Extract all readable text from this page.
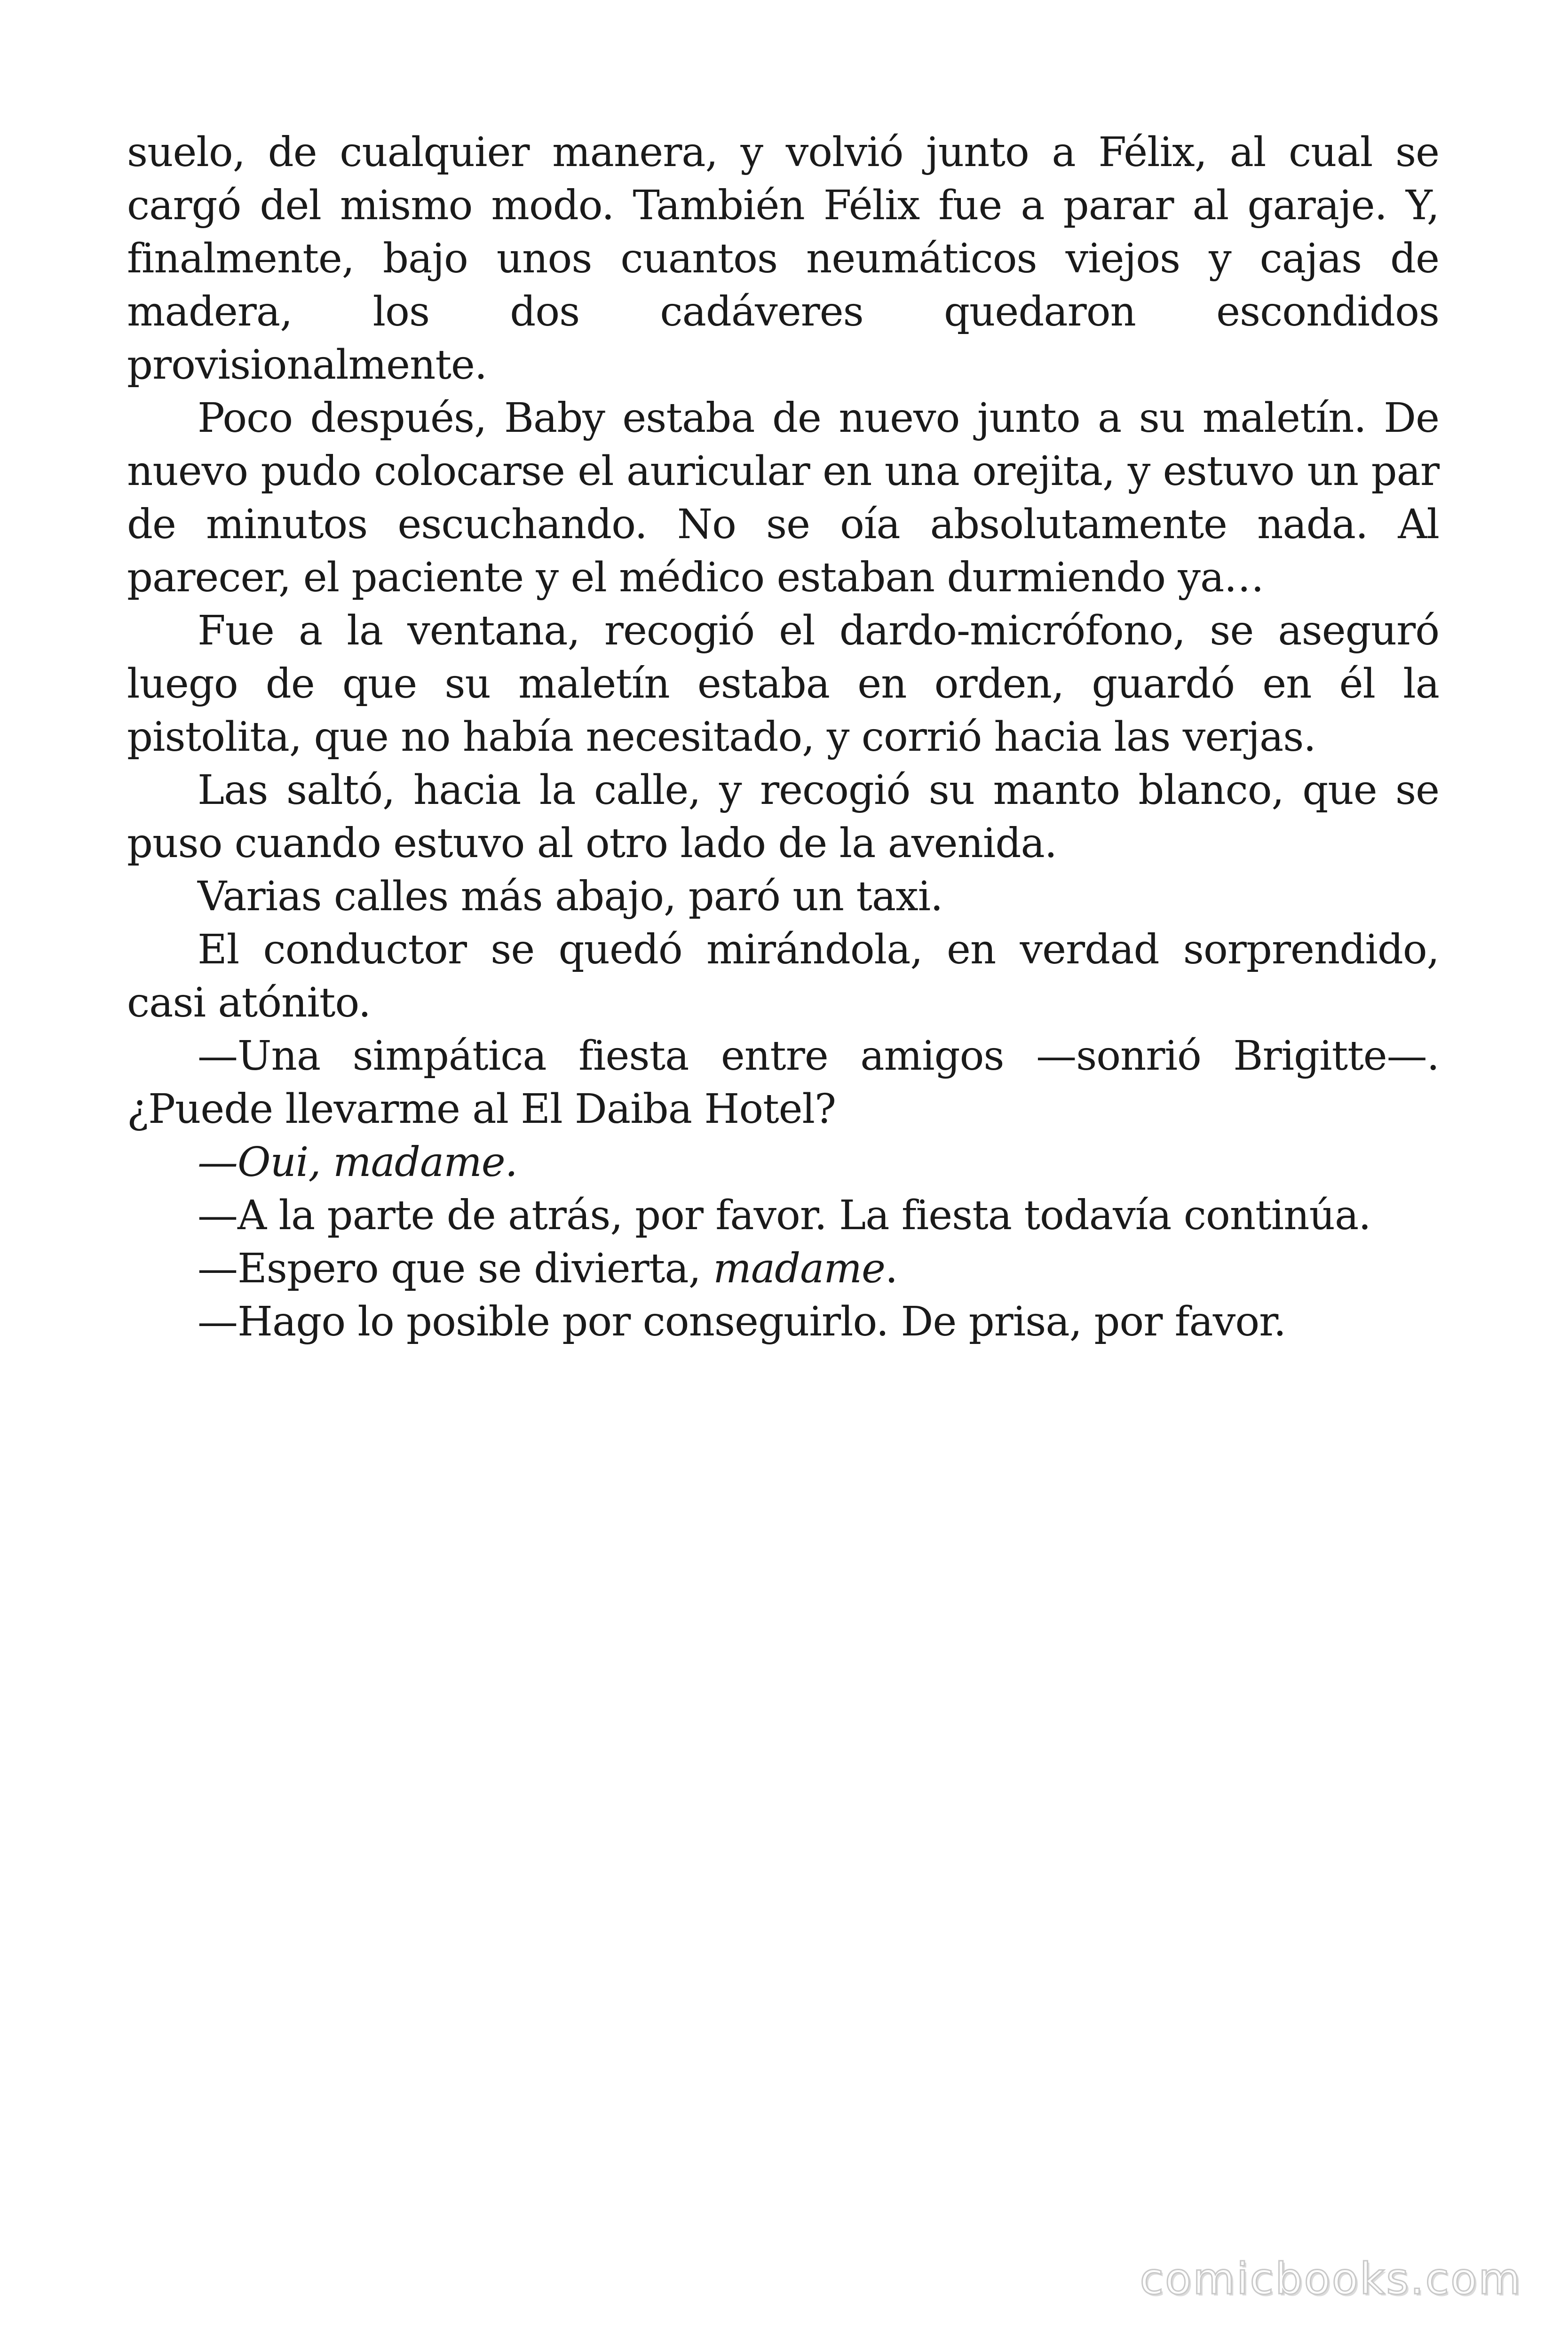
suelo, de cualquier manera, y volvió junto a Félix, al cual se cargó del mismo modo. También Félix fue a parar al garaje. Y, finalmente, bajo unos cuantos neumáticos viejos y cajas de madera, los dos cadáveres quedaron escondidos provisionalmente.

Poco después, Baby estaba de nuevo junto a su maletín. De nuevo pudo colocarse el auricular en una orejita, y estuvo un par de minutos escuchando. No se oía absolutamente nada. Al parecer, el paciente y el médico estaban durmiendo ya…

Fue a la ventana, recogió el dardo-micrófono, se aseguró luego de que su maletín estaba en orden, guardó en él la pistolita, que no había necesitado, y corrió hacia las verjas.

Las saltó, hacia la calle, y recogió su manto blanco, que se puso cuando estuvo al otro lado de la avenida.

Varias calles más abajo, paró un taxi.

El conductor se quedó mirándola, en verdad sorprendido, casi atónito.

—Una simpática fiesta entre amigos —sonrió Brigitte—. ¿Puede llevarme al El Daiba Hotel?

—Oui, madame.

—A la parte de atrás, por favor. La fiesta todavía continúa.

—Espero que se divierta, madame.

—Hago lo posible por conseguirlo. De prisa, por favor.

comicbooks.com
